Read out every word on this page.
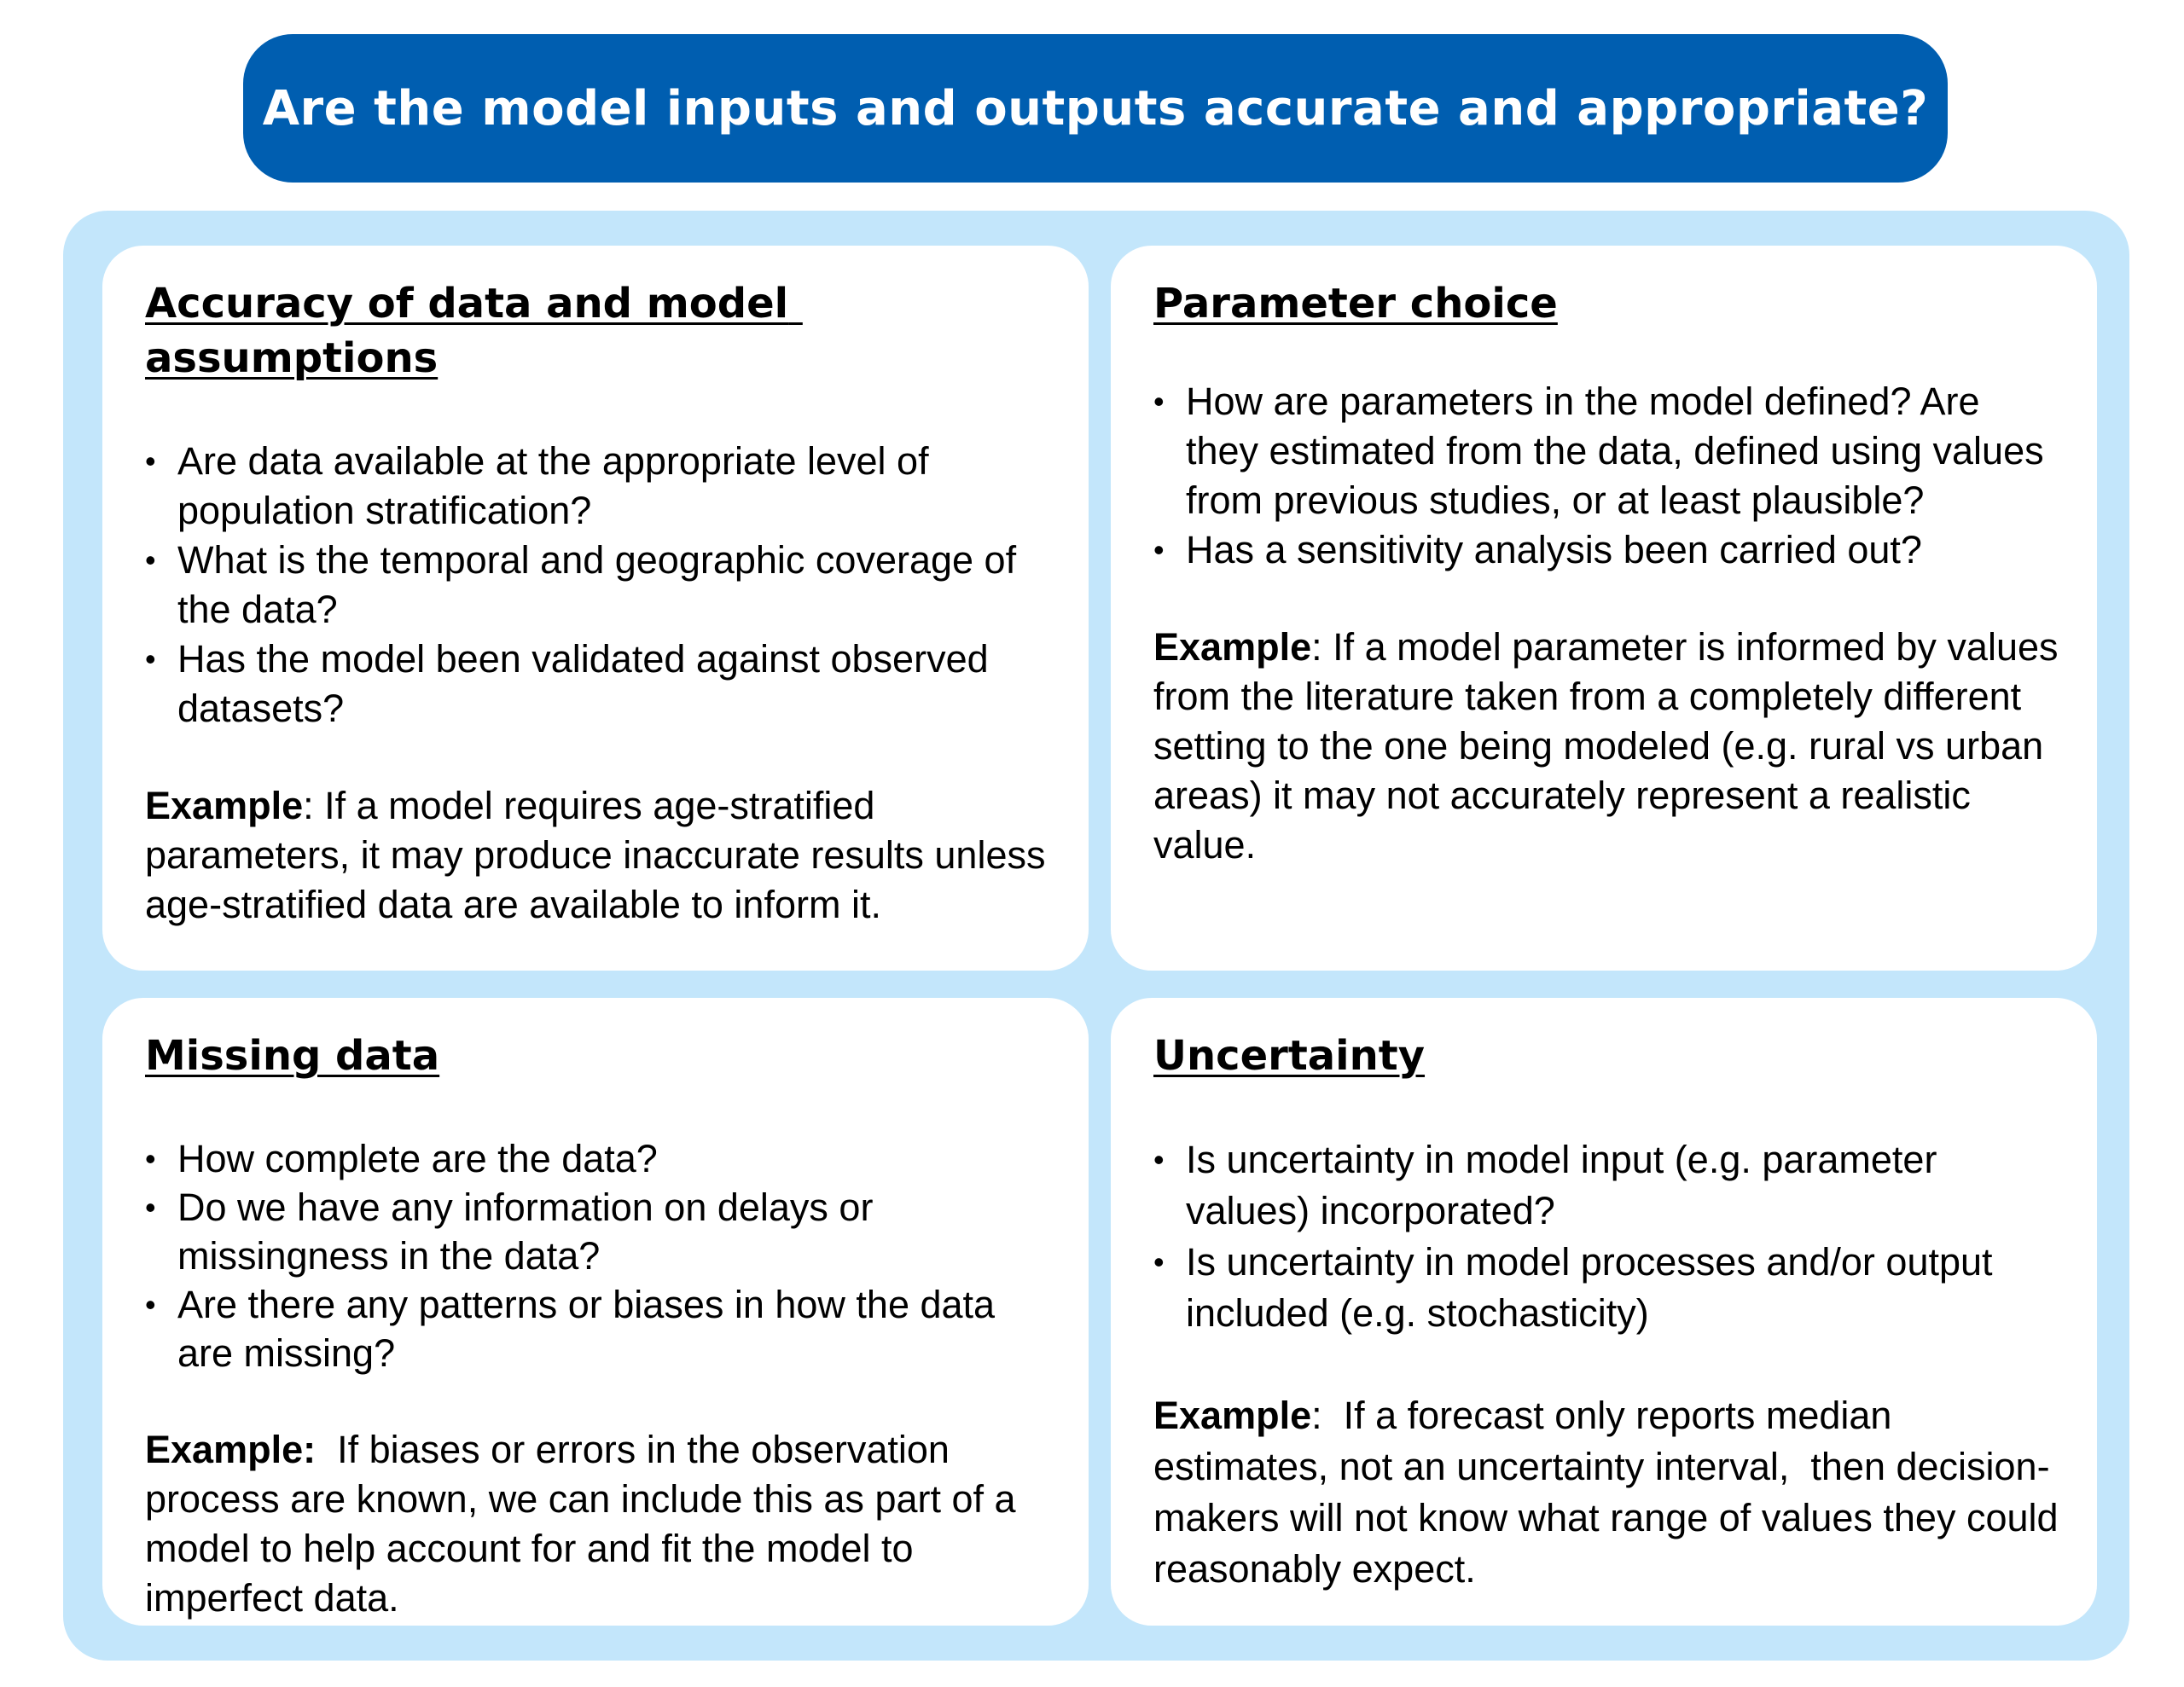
Are the model inputs and outputs accurate and appropriate?
Accuracy of data and model assumptions
• Are data available at the appropriate level of population stratification?
• What is the temporal and geographic coverage of the data?
• Has the model been validated against observed datasets?

Example: If a model requires age-stratified parameters, it may produce inaccurate results unless age-stratified data are available to inform it.

Parameter choice
• How are parameters in the model defined? Are they estimated from the data, defined using values from previous studies, or at least plausible?
• Has a sensitivity analysis been carried out?

Example: If a model parameter is informed by values from the literature taken from a completely different setting to the one being modeled (e.g. rural vs urban areas) it may not accurately represent a realistic value.

Missing data
• How complete are the data?
• Do we have any information on delays or missingness in the data?
• Are there any patterns or biases in how the data are missing?

Example:  If biases or errors in the observation process are known, we can include this as part of a model to help account for and fit the model to imperfect data.

Uncertainty
• Is uncertainty in model input (e.g. parameter values) incorporated?
• Is uncertainty in model processes and/or output included (e.g. stochasticity)

Example:  If a forecast only reports median estimates, not an uncertainty interval,  then decision-makers will not know what range of values they could reasonably expect.
